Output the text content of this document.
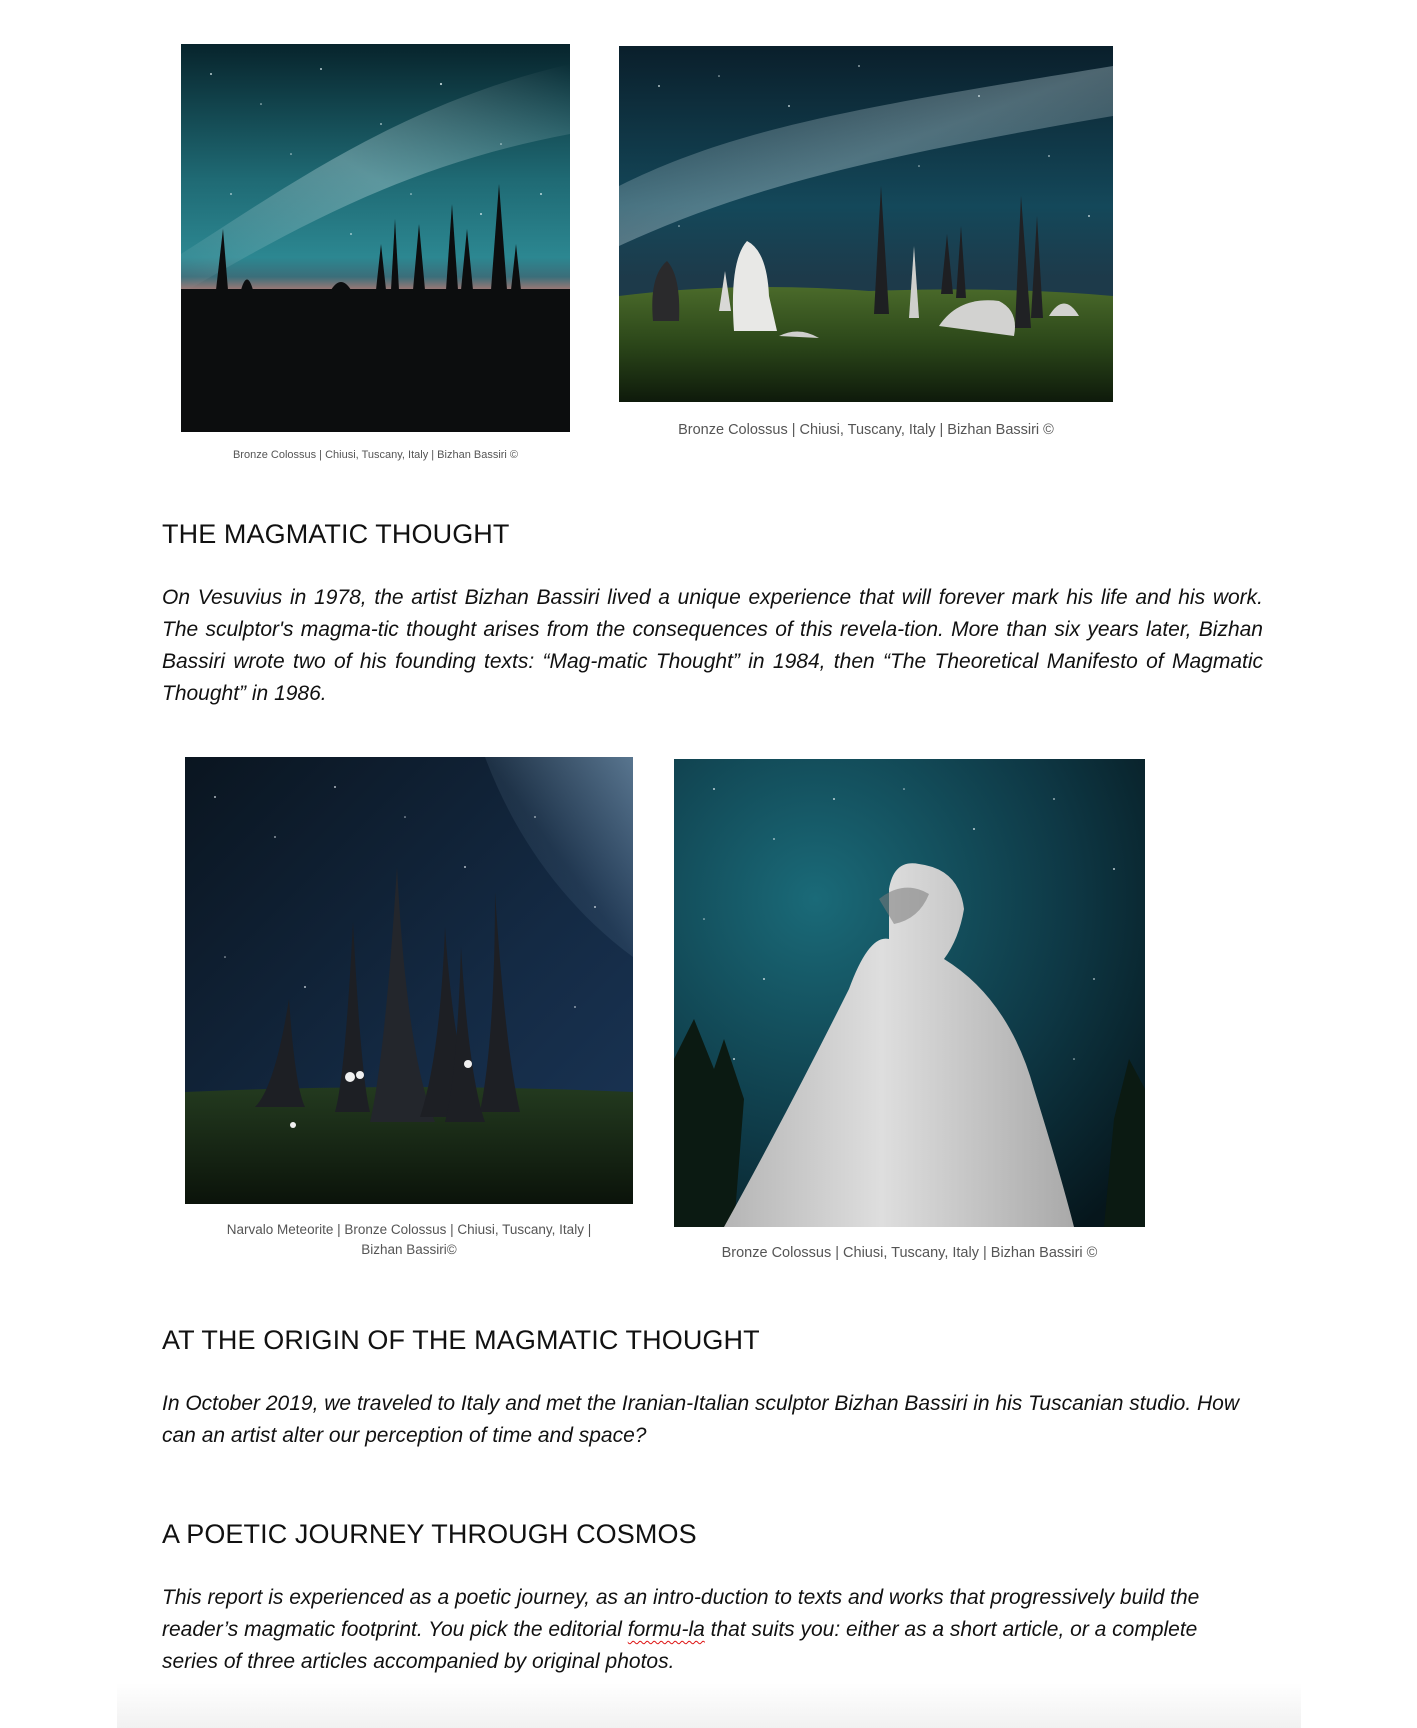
Bronze Colossus | Chiusi, Tuscany, Italy | Bizhan Bassiri ©
Bronze Colossus | Chiusi, Tuscany, Italy | Bizhan Bassiri ©
THE MAGMATIC THOUGHT

On Vesuvius in 1978, the artist Bizhan Bassiri lived a unique experience that will forever mark his life and his work. The sculptor's magma-tic thought arises from the consequences of this revela-tion. More than six years later, Bizhan Bassiri wrote two of his founding texts: “Mag-matic Thought” in 1984, then “The Theoretical Manifesto of Magmatic Thought” in 1986.

Narvalo Meteorite | Bronze Colossus | Chiusi, Tuscany, Italy |
Bizhan Bassiri©	Bronze Colossus | Chiusi, Tuscany, Italy | Bizhan Bassiri ©
AT THE ORIGIN OF THE MAGMATIC THOUGHT

In October 2019, we traveled to Italy and met the Iranian-Italian sculptor Bizhan Bassiri in his Tuscanian studio. How can an artist alter our perception of time and space?

A POETIC JOURNEY THROUGH COSMOS

This report is experienced as a poetic journey, as an intro-duction to texts and works that progressively build the reader’s magmatic footprint. You pick the editorial formu-la that suits you: either as a short article, or a complete series of three articles accompanied by original photos.
